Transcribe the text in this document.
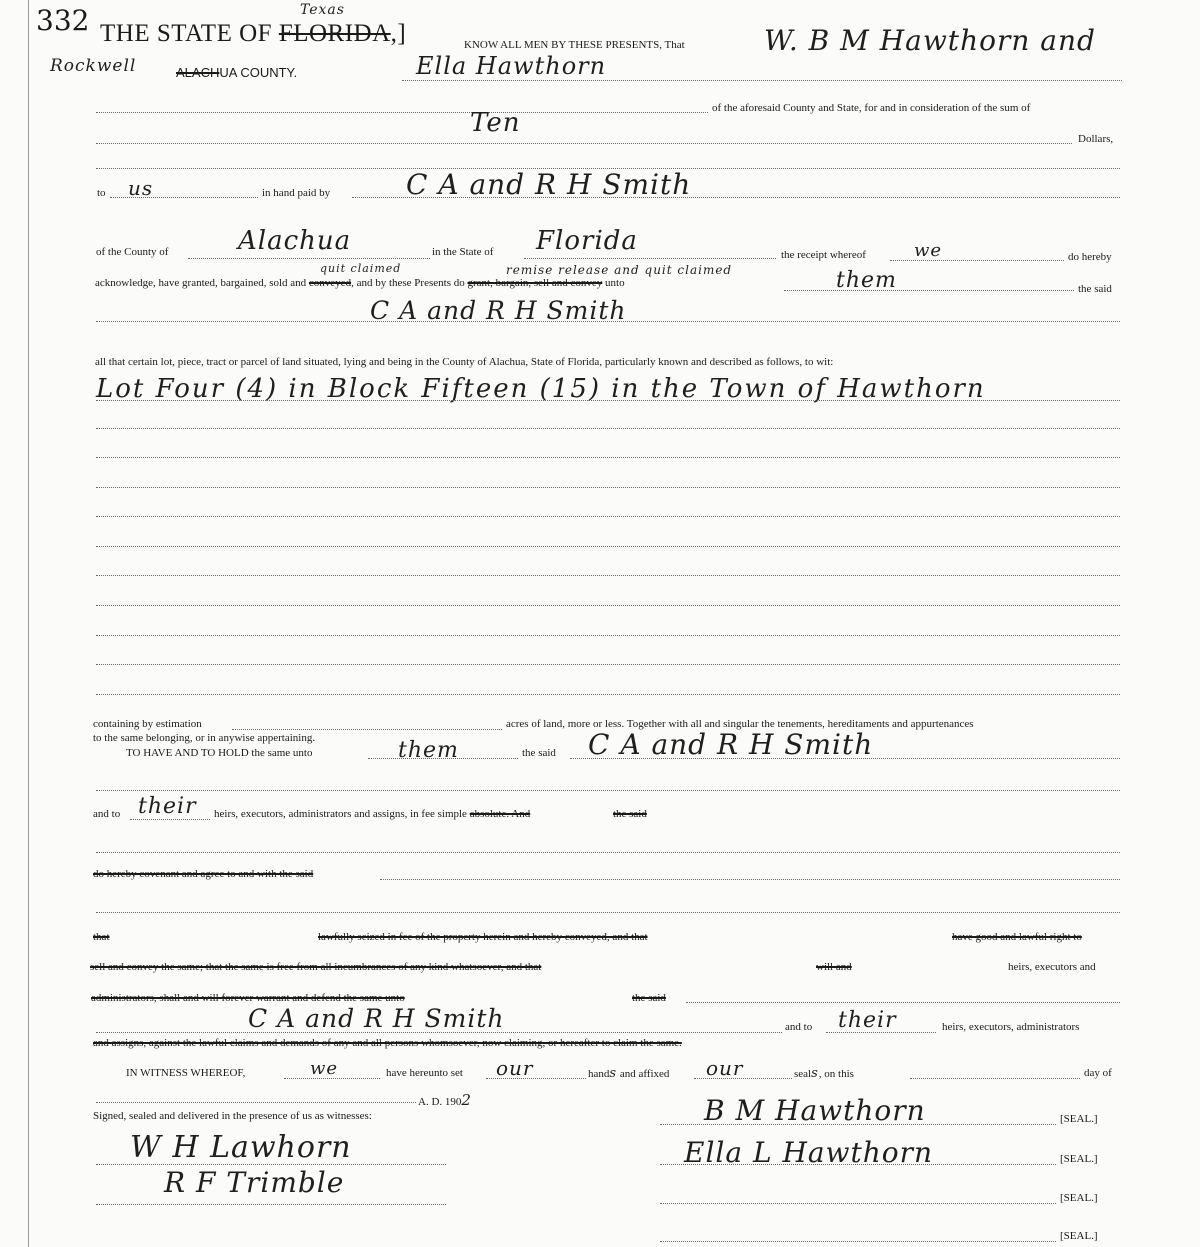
332 THE STATE OF FLORIDA,]
Texas
Rockwell	ALACHUA COUNTY.
KNOW ALL MEN BY THESE PRESENTS, That	W. B M Hawthorn and
Ella Hawthorn
of the aforesaid County and State, for and in consideration of the sum of
Ten
Dollars,
to us	in hand paid by	C A and R H Smith
of the County of	Alachua	in the State of Florida	the receipt whereof	we	do hereby
quit claimed	remise release and quit claimed
acknowledge, have granted, bargained, sold and conveyed, and by these Presents do grant, bargain, sell and convey unto	them	the said
C A and R H Smith
all that certain lot, piece, tract or parcel of land situated, lying and being in the County of Alachua, State of Florida, particularly known and described as follows, to wit:
Lot Four (4) in Block Fifteen (15) in the Town of Hawthorn
containing by estimation	acres of land, more or less. Together with all and singular the tenements, hereditaments and appurtenances
to the same belonging, or in anywise appertaining.
TO HAVE AND TO HOLD the same unto	them	the said C A and R H Smith
and to their heirs, executors, administrators and assigns, in fee simple absolute. And	the said
do hereby covenant and agree to and with the said
that	lawfully seized in fee of the property herein and hereby conveyed, and that	have good and lawful right to
sell and convey the same; that the same is free from all incumbrances of any kind whatsoever, and that	will and	heirs, executors and
administrators, shall and will forever warrant and defend the same unto	the said
C A and R H Smith	and to their	heirs, executors, administrators
and assigns, against the lawful claims and demands of any and all persons whomsoever, now claiming, or hereafter to claim the same.
IN WITNESS WHEREOF,	we	have hereunto set our	hands and affixed our	seals, on this	day of
A. D. 1902
Signed, sealed and delivered in the presence of us as witnesses:
W H Lawhorn
R F Trimble
B M Hawthorn	[SEAL.]
Ella L Hawthorn	[SEAL.]
[SEAL.]
[SEAL.]
